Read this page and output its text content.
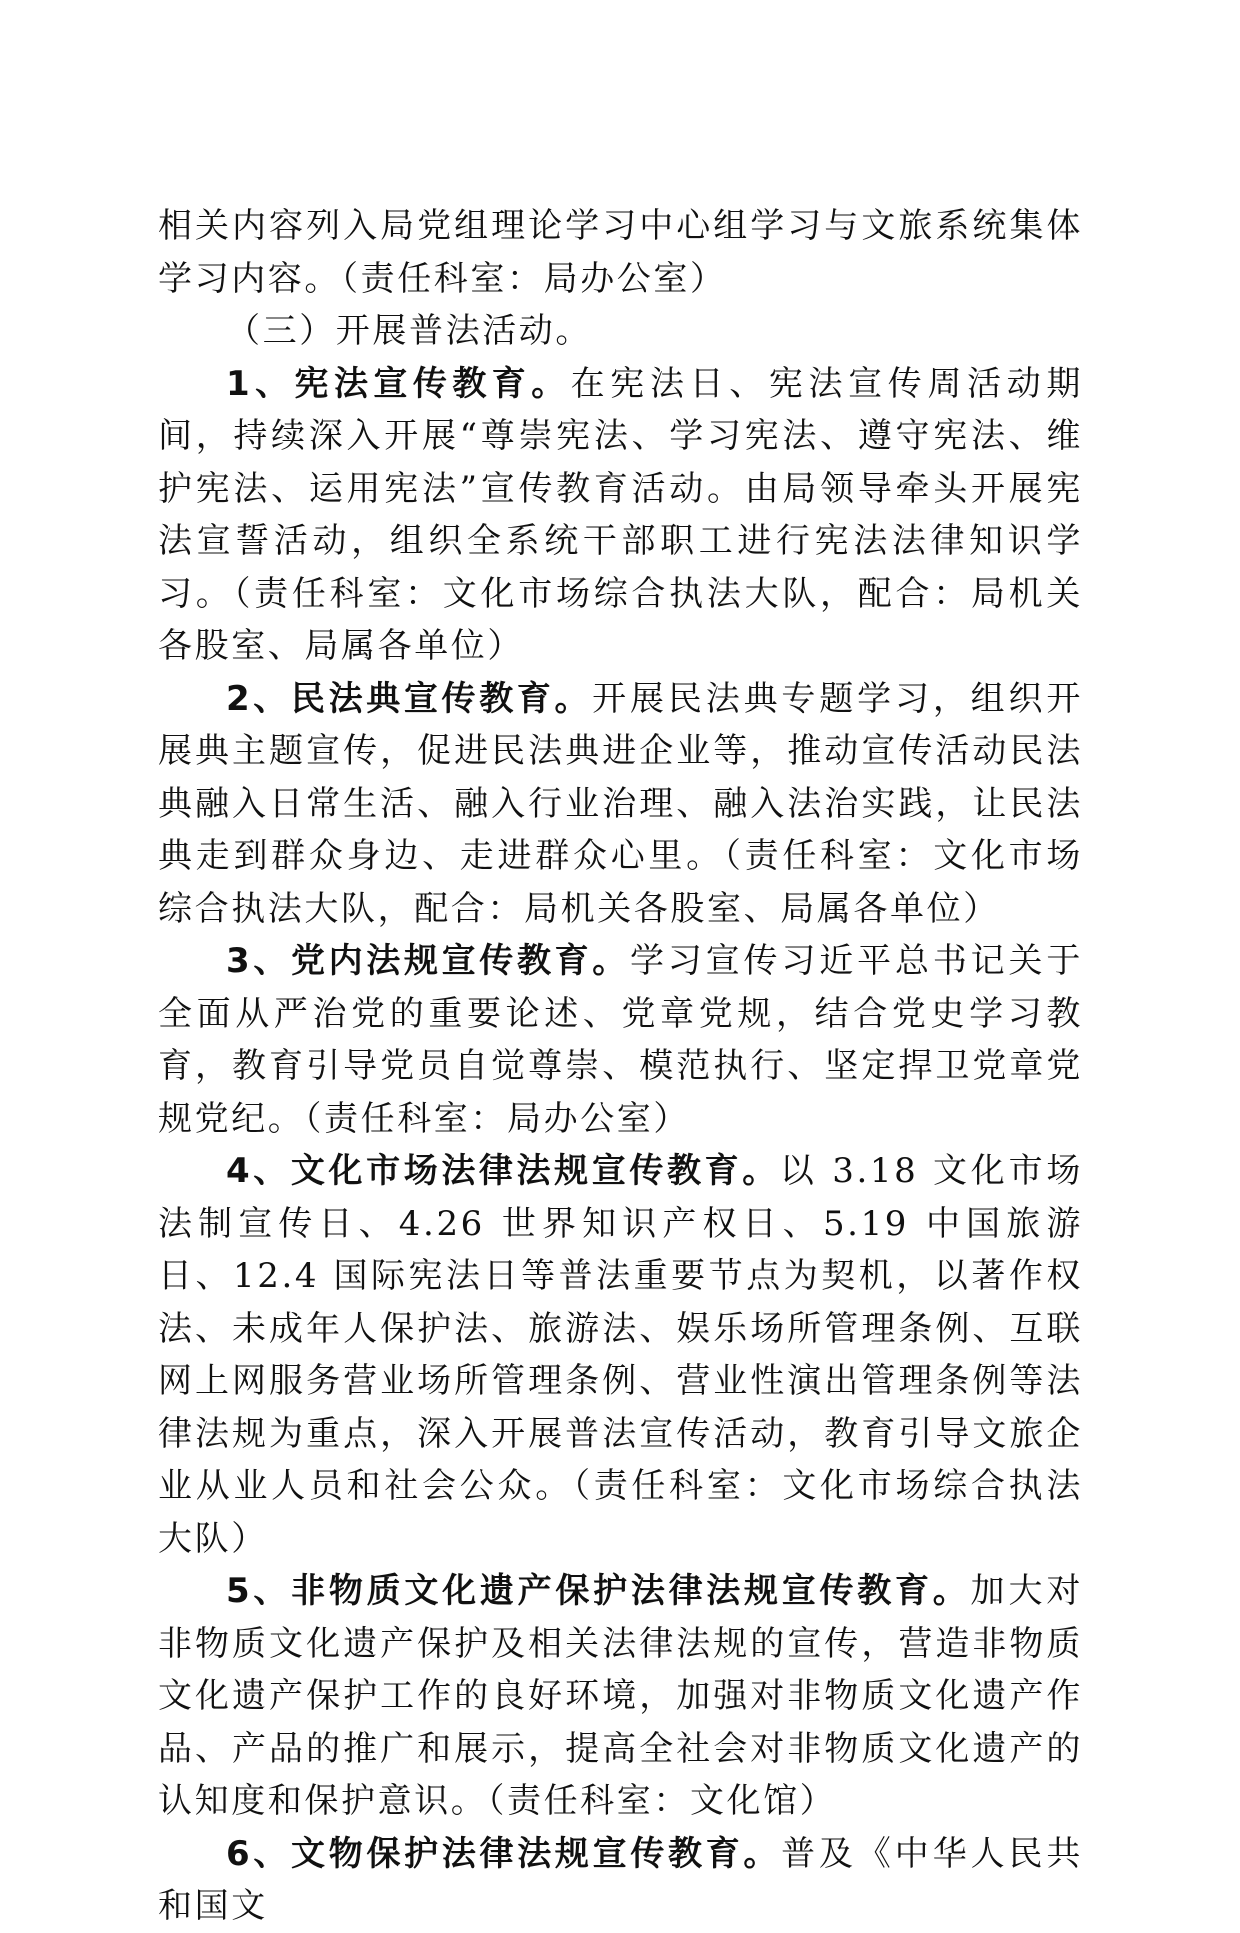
相关内容列入局党组理论学习中心组学习与文旅系统集体学习内容。（责任科室：局办公室）

（三）开展普法活动。

1、宪法宣传教育。在宪法日、宪法宣传周活动期间，持续深入开展“尊崇宪法、学习宪法、遵守宪法、维护宪法、运用宪法”宣传教育活动。由局领导牵头开展宪法宣誓活动，组织全系统干部职工进行宪法法律知识学习。（责任科室：文化市场综合执法大队，配合：局机关各股室、局属各单位）

2、民法典宣传教育。开展民法典专题学习，组织开展典主题宣传，促进民法典进企业等，推动宣传活动民法典融入日常生活、融入行业治理、融入法治实践，让民法典走到群众身边、走进群众心里。（责任科室：文化市场综合执法大队，配合：局机关各股室、局属各单位）

3、党内法规宣传教育。学习宣传习近平总书记关于全面从严治党的重要论述、党章党规，结合党史学习教育，教育引导党员自觉尊崇、模范执行、坚定捍卫党章党规党纪。（责任科室：局办公室）

4、文化市场法律法规宣传教育。以 3.18 文化市场法制宣传日、4.26 世界知识产权日、5.19 中国旅游日、12.4 国际宪法日等普法重要节点为契机，以著作权法、未成年人保护法、旅游法、娱乐场所管理条例、互联网上网服务营业场所管理条例、营业性演出管理条例等法律法规为重点，深入开展普法宣传活动，教育引导文旅企业从业人员和社会公众。（责任科室：文化市场综合执法大队）

5、非物质文化遗产保护法律法规宣传教育。加大对非物质文化遗产保护及相关法律法规的宣传，营造非物质文化遗产保护工作的良好环境，加强对非物质文化遗产作品、产品的推广和展示，提高全社会对非物质文化遗产的认知度和保护意识。（责任科室：文化馆）

6、文物保护法律法规宣传教育。普及《中华人民共和国文
